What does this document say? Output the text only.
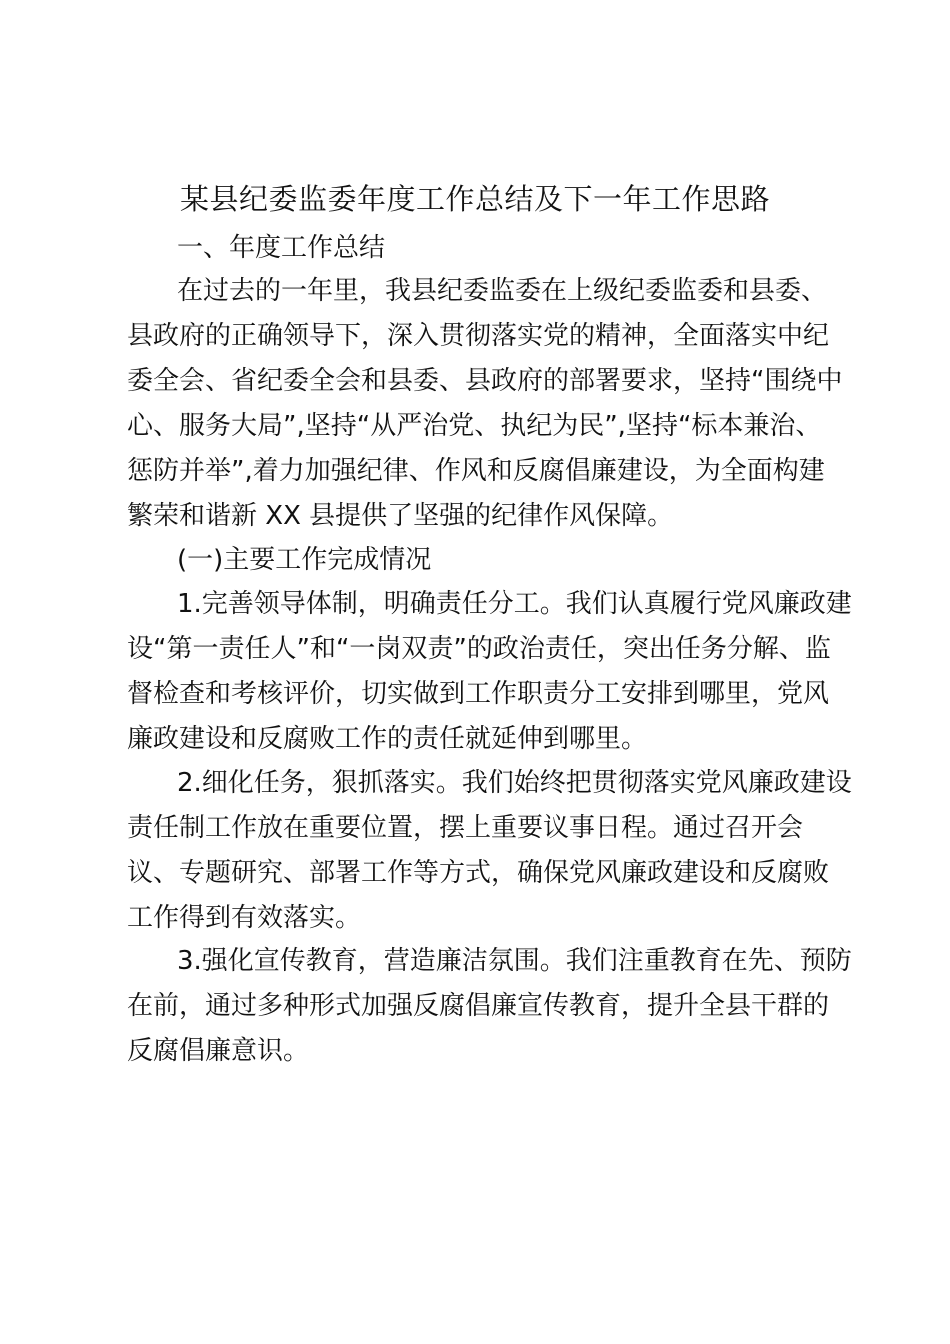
某县纪委监委年度工作总结及下一年工作思路

一、年度工作总结

在过去的一年里，我县纪委监委在上级纪委监委和县委、

县政府的正确领导下，深入贯彻落实党的精神，全面落实中纪

委全会、省纪委全会和县委、县政府的部署要求，坚持“围绕中

心、服务大局”,坚持“从严治党、执纪为民”,坚持“标本兼治、

惩防并举”,着力加强纪律、作风和反腐倡廉建设，为全面构建

繁荣和谐新 XX 县提供了坚强的纪律作风保障。

(一)主要工作完成情况

1.完善领导体制，明确责任分工。我们认真履行党风廉政建

设“第一责任人”和“一岗双责”的政治责任，突出任务分解、监

督检查和考核评价，切实做到工作职责分工安排到哪里，党风

廉政建设和反腐败工作的责任就延伸到哪里。

2.细化任务，狠抓落实。我们始终把贯彻落实党风廉政建设

责任制工作放在重要位置，摆上重要议事日程。通过召开会

议、专题研究、部署工作等方式，确保党风廉政建设和反腐败

工作得到有效落实。

3.强化宣传教育，营造廉洁氛围。我们注重教育在先、预防

在前，通过多种形式加强反腐倡廉宣传教育，提升全县干群的

反腐倡廉意识。
